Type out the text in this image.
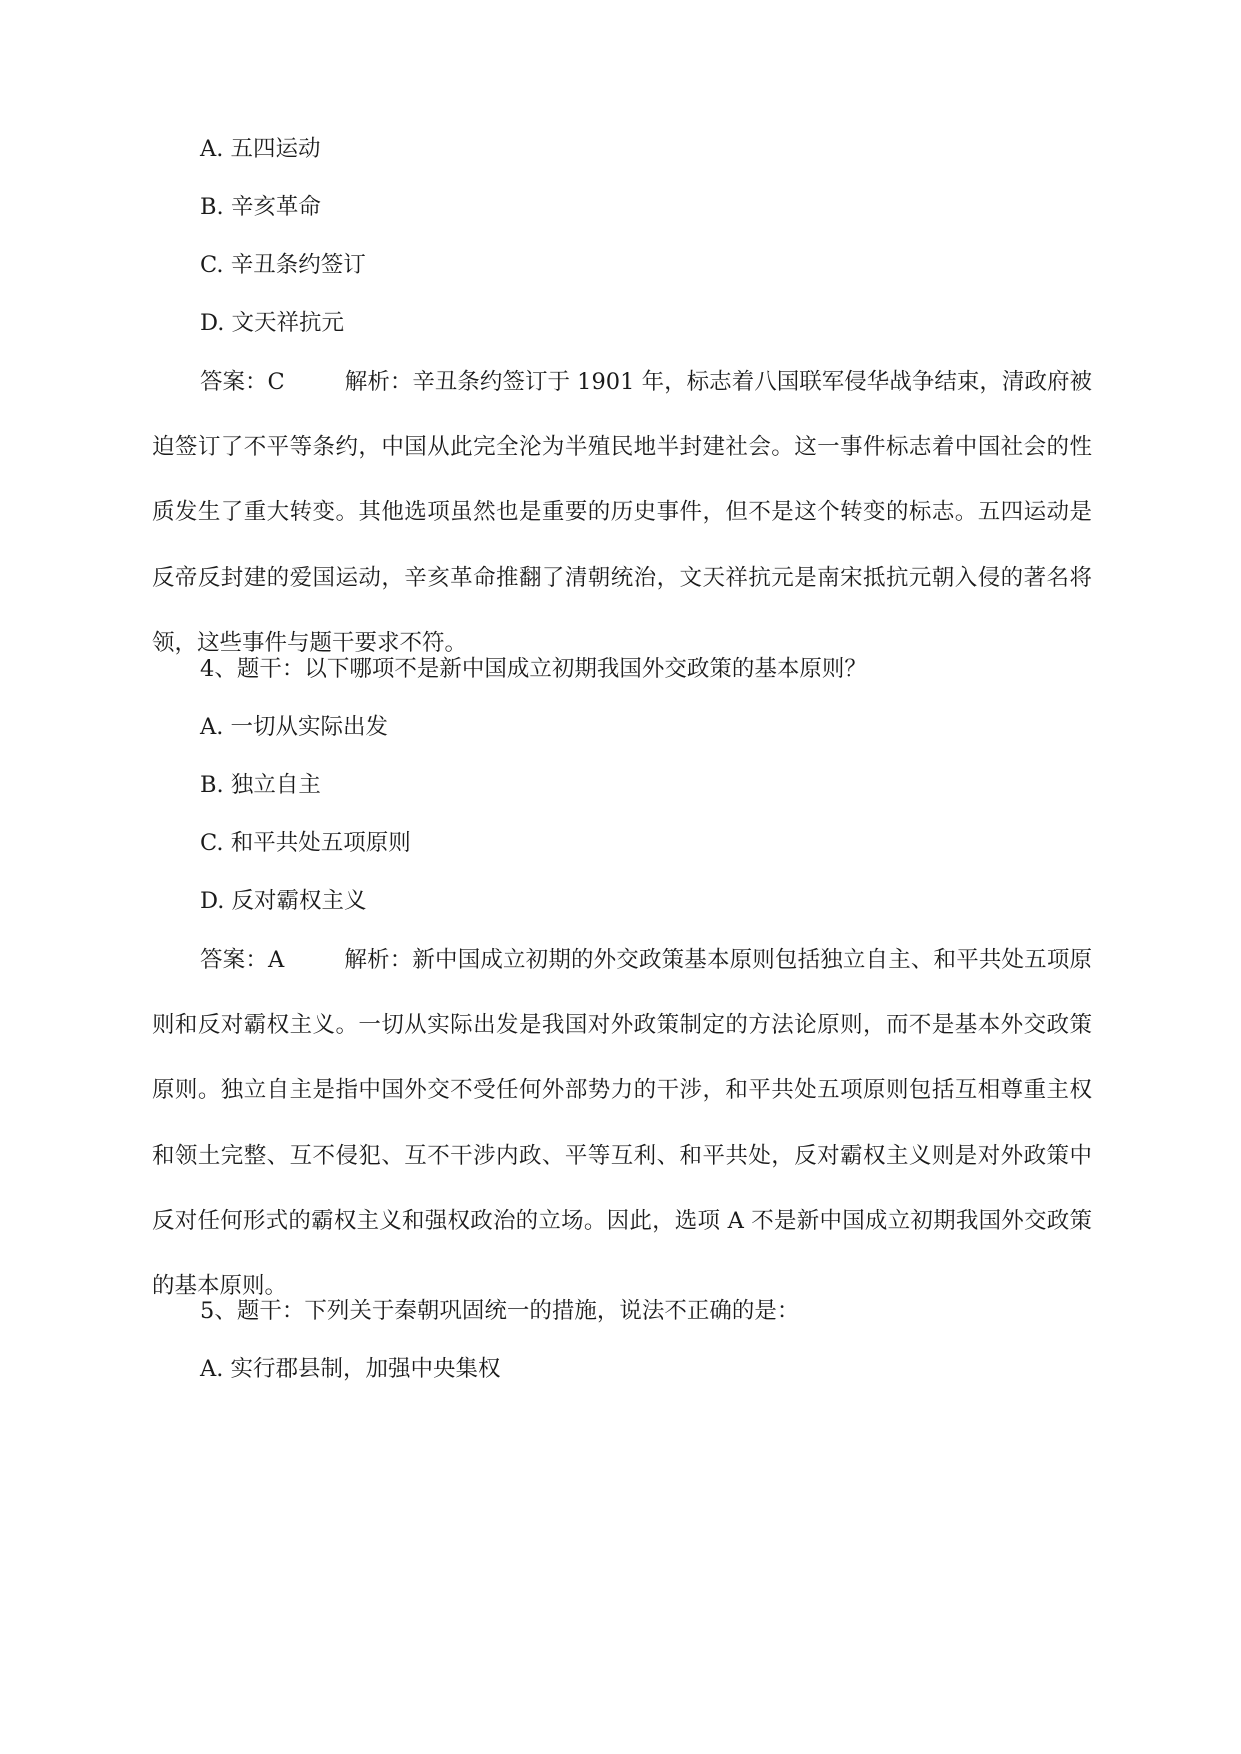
A. 五四运动
B. 辛亥革命
C. 辛丑条约签订
D. 文天祥抗元
答案：C	解析：辛丑条约签订于 1901 年，标志着八国联军侵华战争结束，清政府被迫签订了不平等条约，中国从此完全沦为半殖民地半封建社会。这一事件标志着中国社会的性质发生了重大转变。其他选项虽然也是重要的历史事件，但不是这个转变的标志。五四运动是反帝反封建的爱国运动，辛亥革命推翻了清朝统治，文天祥抗元是南宋抵抗元朝入侵的著名将领，这些事件与题干要求不符。
4、题干：以下哪项不是新中国成立初期我国外交政策的基本原则？
A. 一切从实际出发
B. 独立自主
C. 和平共处五项原则
D. 反对霸权主义
答案：A	解析：新中国成立初期的外交政策基本原则包括独立自主、和平共处五项原则和反对霸权主义。一切从实际出发是我国对外政策制定的方法论原则，而不是基本外交政策原则。独立自主是指中国外交不受任何外部势力的干涉，和平共处五项原则包括互相尊重主权和领土完整、互不侵犯、互不干涉内政、平等互利、和平共处，反对霸权主义则是对外政策中反对任何形式的霸权主义和强权政治的立场。因此，选项 A 不是新中国成立初期我国外交政策的基本原则。
5、题干：下列关于秦朝巩固统一的措施，说法不正确的是：
A. 实行郡县制，加强中央集权
